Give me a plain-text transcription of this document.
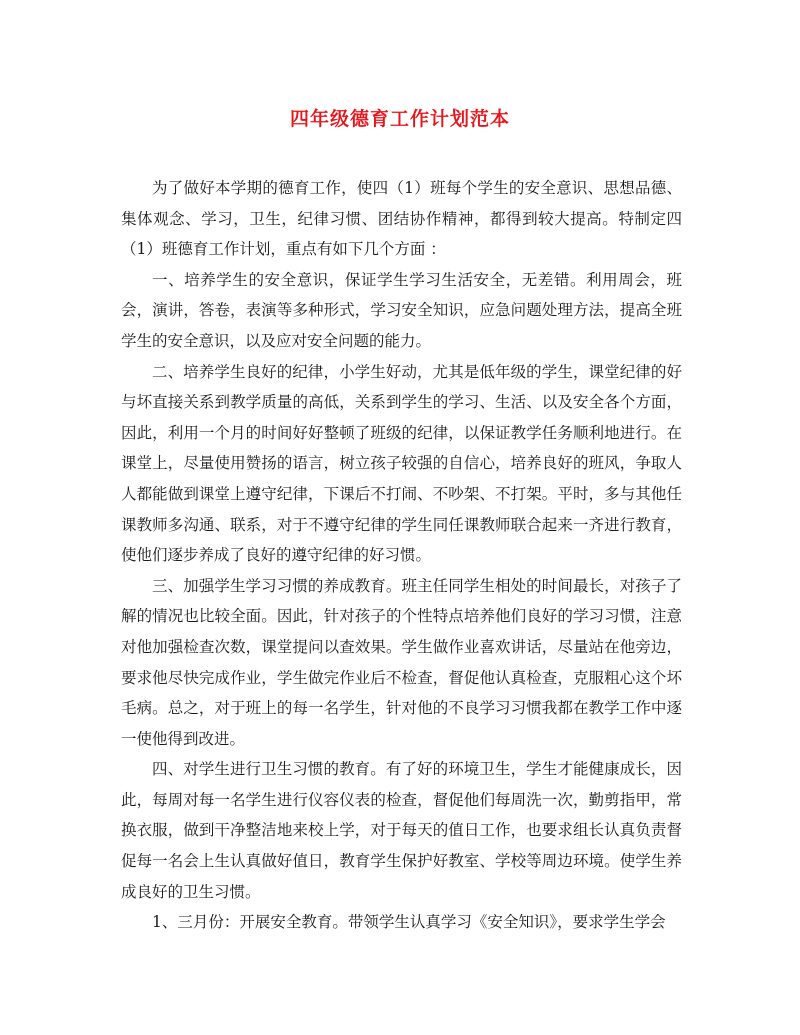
四年级德育工作计划范本

为了做好本学期的德育工作，使四（1）班每个学生的安全意识、思想品德、集体观念、学习，卫生，纪律习惯、团结协作精神，都得到较大提高。特制定四（1）班德育工作计划，重点有如下几个方面 ：

一、培养学生的安全意识，保证学生学习生活安全，无差错。利用周会，班会，演讲，答卷，表演等多种形式，学习安全知识，应急问题处理方法，提高全班学生的安全意识，以及应对安全问题的能力。

二、培养学生良好的纪律，小学生好动，尤其是低年级的学生，课堂纪律的好与坏直接关系到教学质量的高低，关系到学生的学习、生活、以及安全各个方面，因此，利用一个月的时间好好整顿了班级的纪律，以保证教学任务顺利地进行。在课堂上，尽量使用赞扬的语言，树立孩子较强的自信心，培养良好的班风，争取人人都能做到课堂上遵守纪律，下课后不打闹、不吵架、不打架。平时，多与其他任课教师多沟通、联系，对于不遵守纪律的学生同任课教师联合起来一齐进行教育，使他们逐步养成了良好的遵守纪律的好习惯。

三、加强学生学习习惯的养成教育。班主任同学生相处的时间最长，对孩子了解的情况也比较全面。因此，针对孩子的个性特点培养他们良好的学习习惯，注意对他加强检查次数，课堂提问以查效果。学生做作业喜欢讲话，尽量站在他旁边，要求他尽快完成作业，学生做完作业后不检查，督促他认真检查，克服粗心这个坏毛病。总之，对于班上的每一名学生，针对他的不良学习习惯我都在教学工作中逐一使他得到改进。

四、对学生进行卫生习惯的教育。有了好的环境卫生，学生才能健康成长，因此，每周对每一名学生进行仪容仪表的检查，督促他们每周洗一次，勤剪指甲，常换衣服，做到干净整洁地来校上学，对于每天的值日工作，也要求组长认真负责督促每一名会上生认真做好值日，教育学生保护好教室、学校等周边环境。使学生养成良好的卫生习惯。

1、三月份：开展安全教育。带领学生认真学习《安全知识》，要求学生学会
